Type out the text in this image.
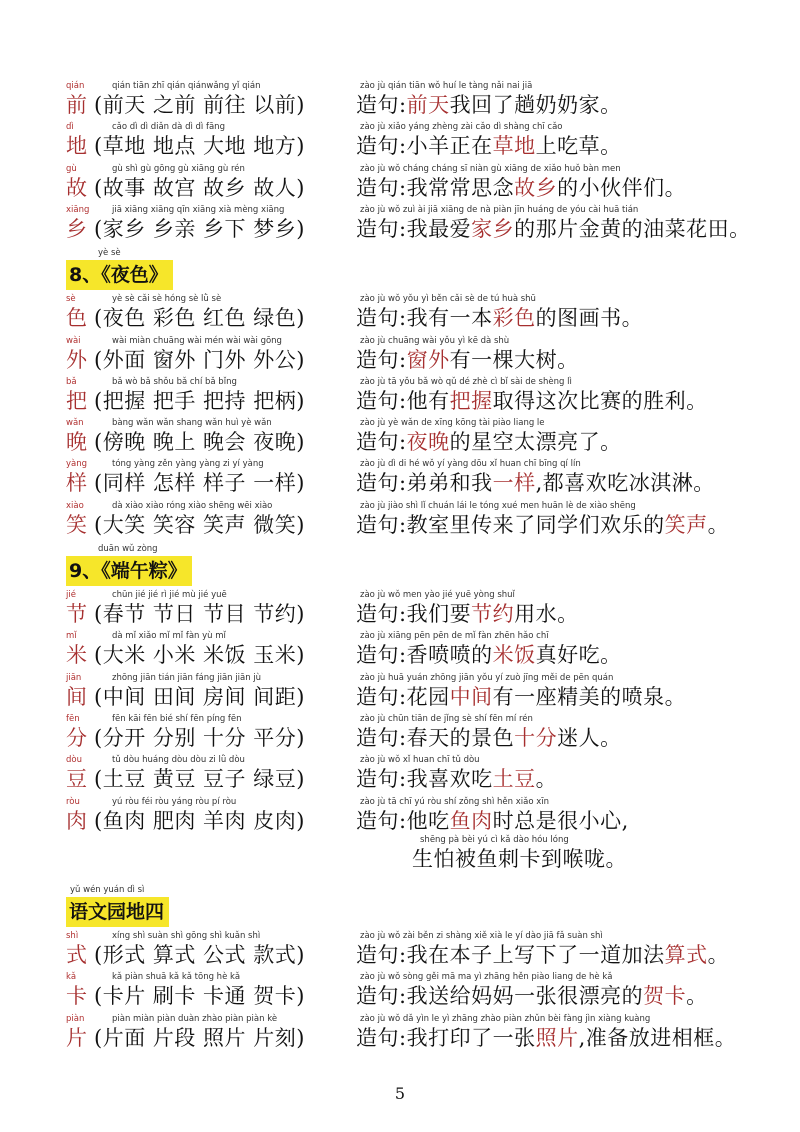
qián
前
qián tiān zhī qián qiánwǎng yǐ qián
(前天 之前 前往 以前)
zào jù qián tiān wǒ huí le tàng nǎi nai jiā
造句:前天我回了趟奶奶家。
dì
地
cǎo dì dì diǎn dà dì dì fāng
(草地 地点 大地 地方)
zào jù xiǎo yáng zhèng zài cǎo dì shàng chī cǎo
造句:小羊正在草地上吃草。
gù
故
gù shì gù gōng gù xiāng gù rén
(故事 故宫 故乡 故人)
zào jù wǒ cháng cháng sī niàn gù xiāng de xiǎo huǒ bàn men
造句:我常常思念故乡的小伙伴们。
xiāng
乡
jiā xiāng xiāng qīn xiāng xià mèng xiāng
(家乡 乡亲 乡下 梦乡)
zào jù wǒ zuì ài jiā xiāng de nà piàn jīn huáng de yóu cài huā tián
造句:我最爱家乡的那片金黄的油菜花田。
yè sè
8、《夜色》
sè
色
yè sè cǎi sè hóng sè lǜ sè
(夜色 彩色 红色 绿色)
zào jù wǒ yǒu yì běn cǎi sè de tú huà shū
造句:我有一本彩色的图画书。
wài
外
wài miàn chuāng wài mén wài wài gōng
(外面 窗外 门外 外公)
zào jù chuāng wài yǒu yì kē dà shù
造句:窗外有一棵大树。
bǎ
把
bǎ wò bǎ shǒu bǎ chí bǎ bǐng
(把握 把手 把持 把柄)
zào jù tā yǒu bǎ wò qǔ dé zhè cì bǐ sài de shèng lì
造句:他有把握取得这次比赛的胜利。
wǎn
晚
bàng wǎn wǎn shang wǎn huì yè wǎn
(傍晚 晚上 晚会 夜晚)
zào jù yè wǎn de xīng kōng tài piào liang le
造句:夜晚的星空太漂亮了。
yàng
样
tóng yàng zěn yàng yàng zi yí yàng
(同样 怎样 样子 一样)
zào jù dì di hé wǒ yí yàng dōu xǐ huan chī bīng qí lín
造句:弟弟和我一样,都喜欢吃冰淇淋。
xiào
笑
dà xiào xiào róng xiào shēng wēi xiào
(大笑 笑容 笑声 微笑)
zào jù jiào shì lǐ chuán lái le tóng xué men huān lè de xiào shēng
造句:教室里传来了同学们欢乐的笑声。
duān wǔ zòng
9、《端午粽》
jié
节
chūn jié jié rì jié mù jié yuē
(春节 节日 节目 节约)
zào jù wǒ men yào jié yuē yòng shuǐ
造句:我们要节约用水。
mǐ
米
dà mǐ xiǎo mǐ mǐ fàn yù mǐ
(大米 小米 米饭 玉米)
zào jù xiāng pēn pēn de mǐ fàn zhēn hǎo chī
造句:香喷喷的米饭真好吃。
jiān
间
zhōng jiān tián jiān fáng jiān jiān jù
(中间 田间 房间 间距)
zào jù huā yuán zhōng jiān yǒu yí zuò jīng měi de pēn quán
造句:花园中间有一座精美的喷泉。
fēn
分
fēn kāi fēn bié shí fēn píng fēn
(分开 分别 十分 平分)
zào jù chūn tiān de jǐng sè shí fēn mí rén
造句:春天的景色十分迷人。
dòu
豆
tǔ dòu huáng dòu dòu zi lǜ dòu
(土豆 黄豆 豆子 绿豆)
zào jù wǒ xǐ huan chī tǔ dòu
造句:我喜欢吃土豆。
ròu
肉
yú ròu féi ròu yáng ròu pí ròu
(鱼肉 肥肉 羊肉 皮肉)
zào jù tā chī yú ròu shí zǒng shì hěn xiǎo xīn
造句:他吃鱼肉时总是很小心,
shēng pà bèi yú cì kǎ dào hóu lóng
生怕被鱼刺卡到喉咙。
yǔ wén yuán dì sì
语文园地四
shì
式
xíng shì suàn shì gōng shì kuǎn shì
(形式 算式 公式 款式)
zào jù wǒ zài běn zi shàng xiě xià le yí dào jiā fǎ suàn shì
造句:我在本子上写下了一道加法算式。
kǎ
卡
kǎ piàn shuā kǎ kǎ tōng hè kǎ
(卡片 刷卡 卡通 贺卡)
zào jù wǒ sòng gěi mā ma yì zhāng hěn piào liang de hè kǎ
造句:我送给妈妈一张很漂亮的贺卡。
piàn
片
piàn miàn piàn duàn zhào piàn piàn kè
(片面 片段 照片 片刻)
zào jù wǒ dǎ yìn le yì zhāng zhào piàn zhǔn bèi fàng jìn xiàng kuàng
造句:我打印了一张照片,准备放进相框。
5
